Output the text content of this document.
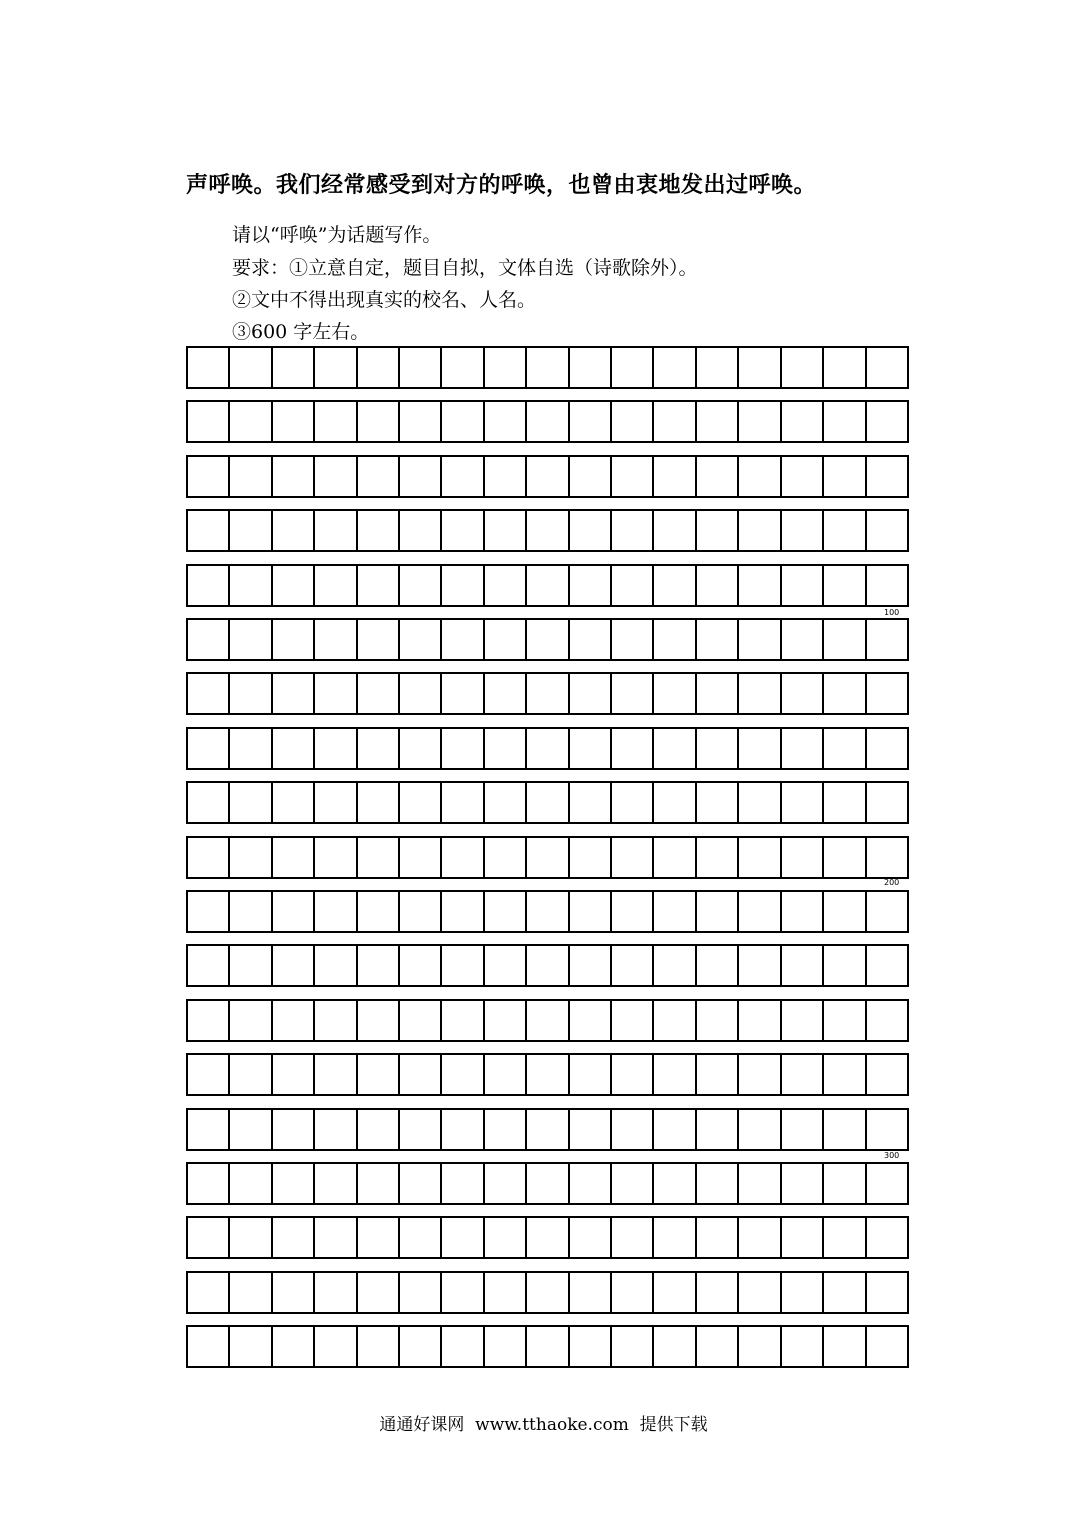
声呼唤。我们经常感受到对方的呼唤，也曾由衷地发出过呼唤。
请以“呼唤”为话题写作。
要求：①立意自定，题目自拟，文体自选（诗歌除外）。
②文中不得出现真实的校名、人名。
③600 字左右。
100
200
300
通通好课网  www.tthaoke.com  提供下载
